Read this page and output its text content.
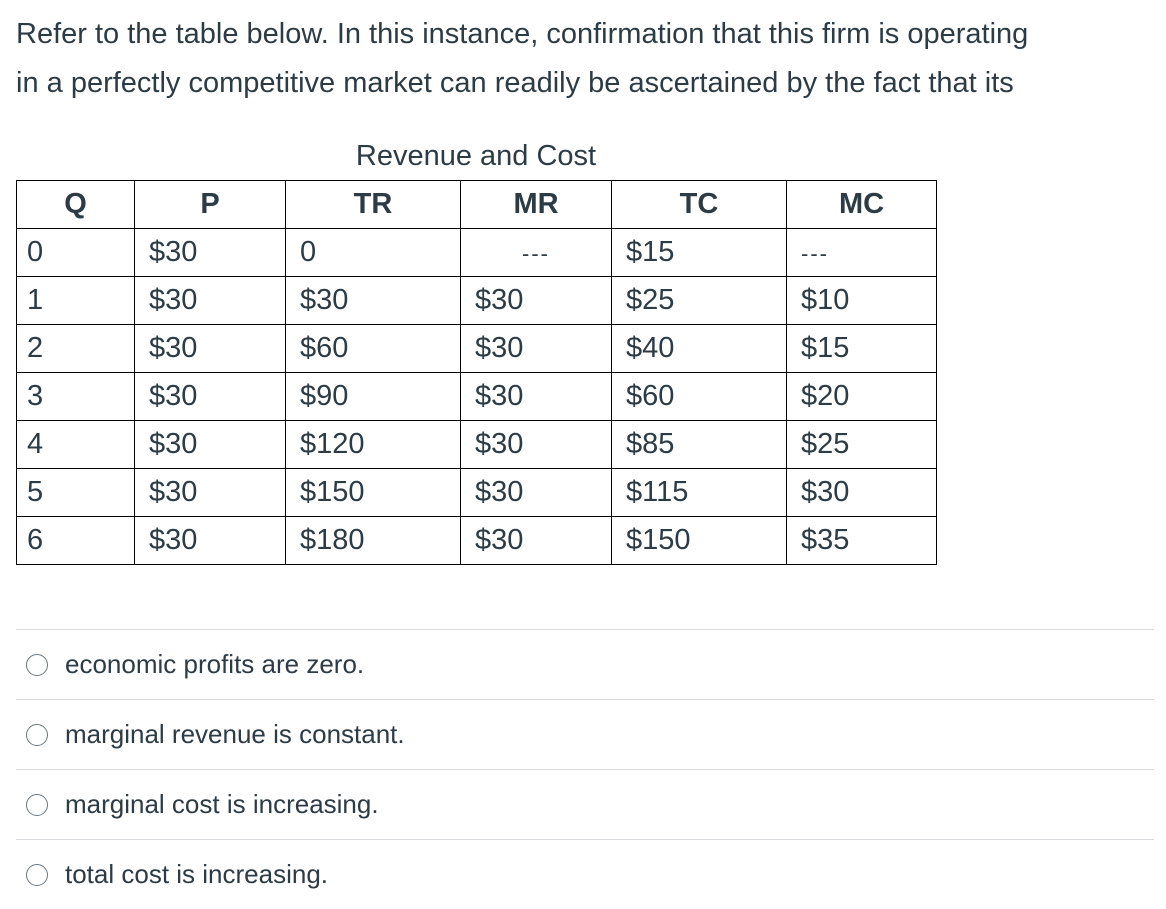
Refer to the table below. In this instance, confirmation that this firm is operating
in a perfectly competitive market can readily be ascertained by the fact that its
Revenue and Cost
Q	P	TR	MR	TC	MC
0	$30	0	---	$15	---
1	$30	$30	$30	$25	$10
2	$30	$60	$30	$40	$15
3	$30	$90	$30	$60	$20
4	$30	$120	$30	$85	$25
5	$30	$150	$30	$115	$30
6	$30	$180	$30	$150	$35
economic profits are zero.
marginal revenue is constant.
marginal cost is increasing.
total cost is increasing.
